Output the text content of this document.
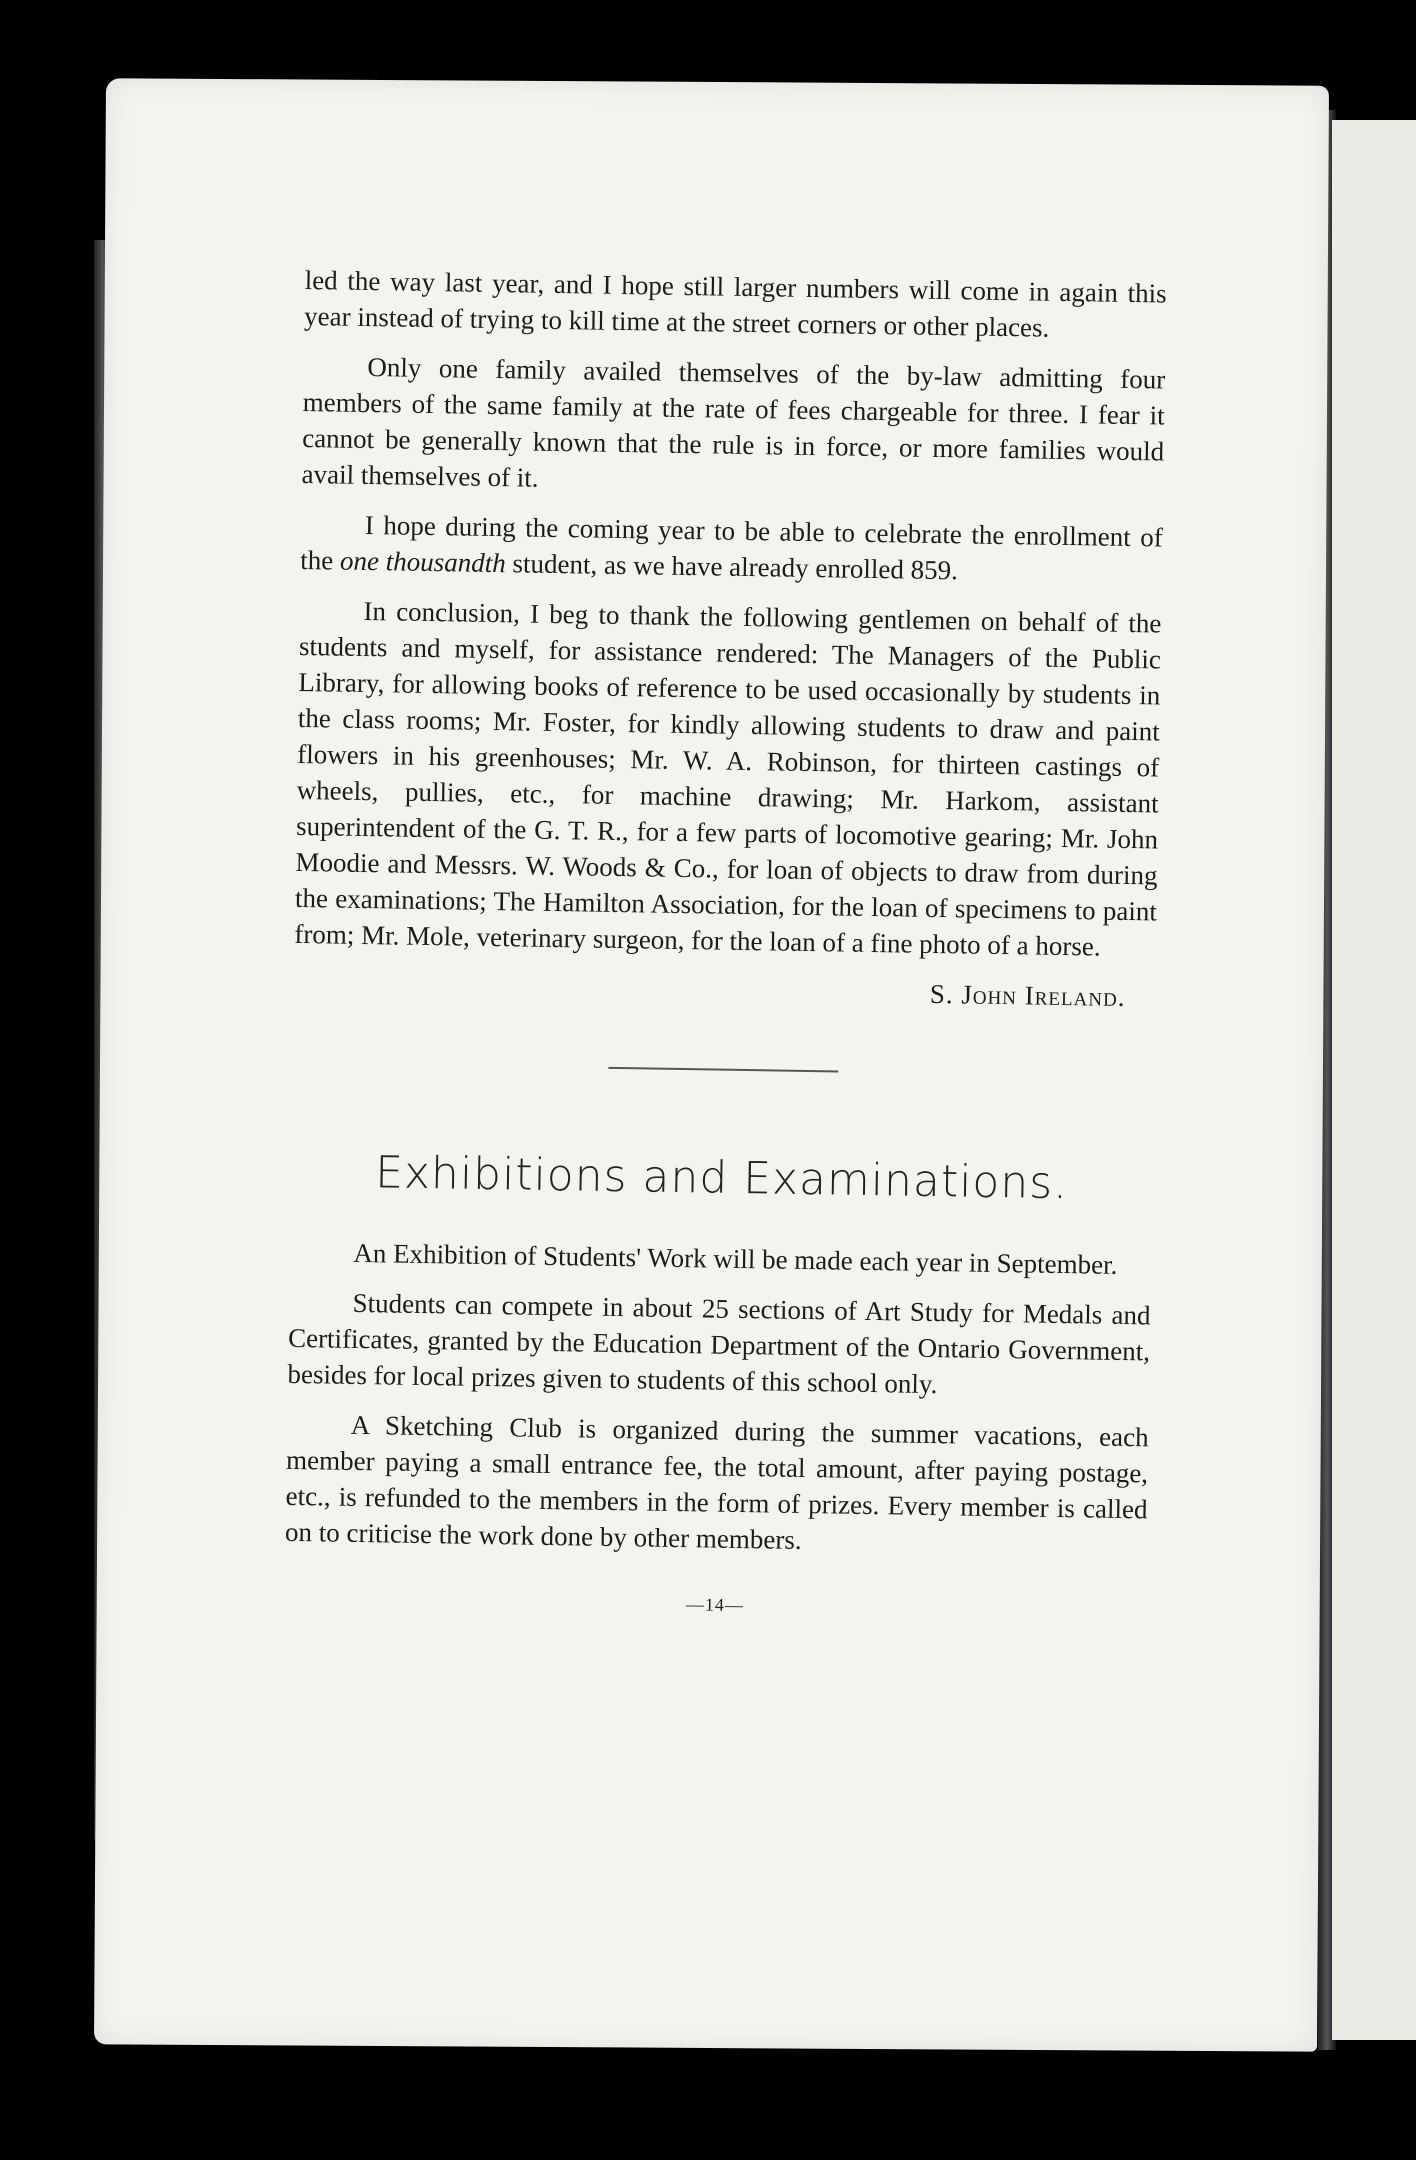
led the way last year, and I hope still larger numbers will come in again this year instead of trying to kill time at the street corners or other places.

Only one family availed themselves of the by-law admitting four members of the same family at the rate of fees chargeable for three. I fear it cannot be generally known that the rule is in force, or more families would avail themselves of it.

I hope during the coming year to be able to celebrate the enrollment of the one thousandth student, as we have already enrolled 859.

In conclusion, I beg to thank the following gentlemen on behalf of the students and myself, for assistance rendered: The Managers of the Public Library, for allowing books of reference to be used occasionally by students in the class rooms; Mr. Foster, for kindly allowing students to draw and paint flowers in his greenhouses; Mr. W. A. Robinson, for thirteen castings of wheels, pullies, etc., for machine drawing; Mr. Harkom, assistant superintendent of the G. T. R., for a few parts of locomotive gearing; Mr. John Moodie and Messrs. W. Woods & Co., for loan of objects to draw from during the examinations; The Hamilton Association, for the loan of specimens to paint from; Mr. Mole, veterinary surgeon, for the loan of a fine photo of a horse.

S. John Ireland.
Exhibitions and Examinations.

An Exhibition of Students' Work will be made each year in September.

Students can compete in about 25 sections of Art Study for Medals and Certificates, granted by the Education Department of the Ontario Government, besides for local prizes given to students of this school only.

A Sketching Club is organized during the summer vacations, each member paying a small entrance fee, the total amount, after paying postage, etc., is refunded to the members in the form of prizes. Every member is called on to criticise the work done by other members.

—14—
